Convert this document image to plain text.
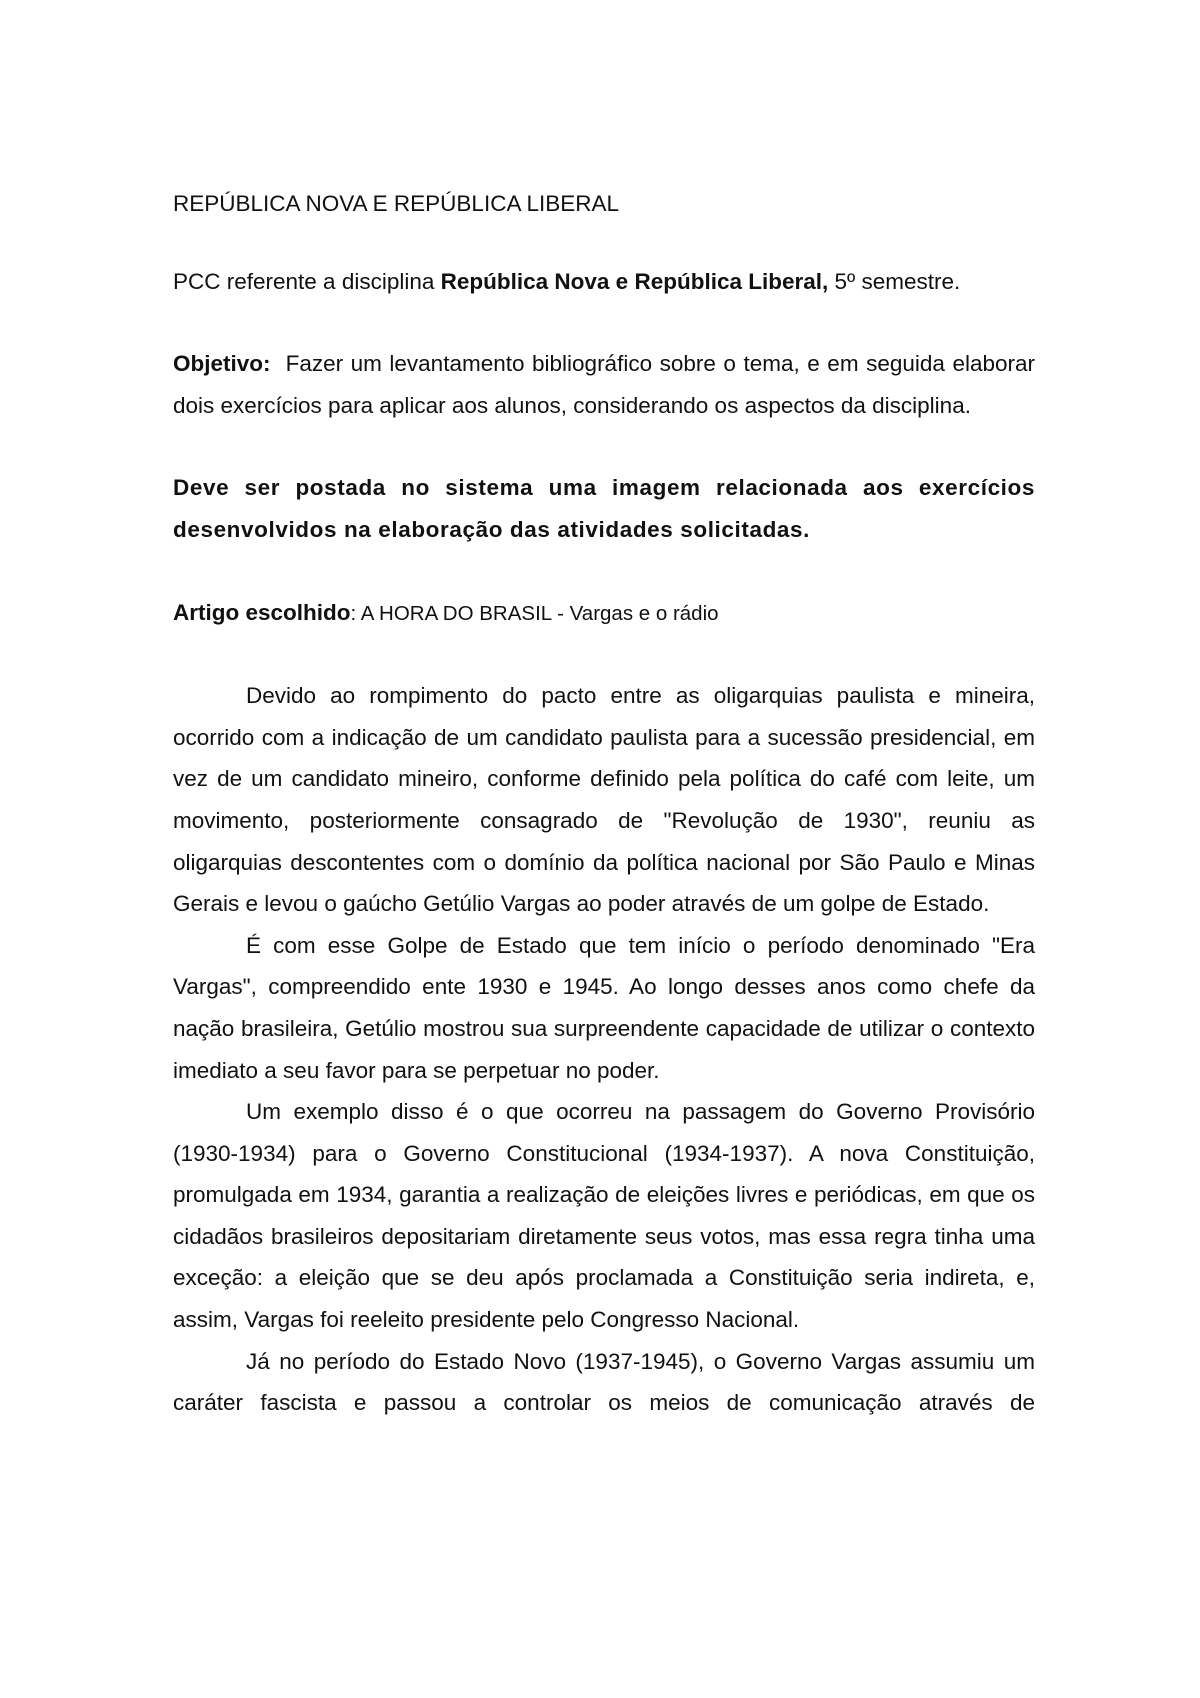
REPÚBLICA NOVA E REPÚBLICA LIBERAL
PCC referente a disciplina República Nova e República Liberal, 5º semestre.
Objetivo:  Fazer um levantamento bibliográfico sobre o tema, e em seguida elaborar dois exercícios para aplicar aos alunos, considerando os aspectos da disciplina.
Deve ser postada no sistema uma imagem relacionada aos exercícios desenvolvidos na elaboração das atividades solicitadas.
Artigo escolhido: A HORA DO BRASIL - Vargas e o rádio

Devido ao rompimento do pacto entre as oligarquias paulista e mineira, ocorrido com a indicação de um candidato paulista para a sucessão presidencial, em vez de um candidato mineiro, conforme definido pela política do café com leite, um movimento, posteriormente consagrado de "Revolução de 1930", reuniu as oligarquias descontentes com o domínio da política nacional por São Paulo e Minas Gerais e levou o gaúcho Getúlio Vargas ao poder através de um golpe de Estado.

É com esse Golpe de Estado que tem início o período denominado "Era Vargas", compreendido ente 1930 e 1945. Ao longo desses anos como chefe da nação brasileira, Getúlio mostrou sua surpreendente capacidade de utilizar o contexto imediato a seu favor para se perpetuar no poder.

Um exemplo disso é o que ocorreu na passagem do Governo Provisório (1930-1934) para o Governo Constitucional (1934-1937). A nova Constituição, promulgada em 1934, garantia a realização de eleições livres e periódicas, em que os cidadãos brasileiros depositariam diretamente seus votos, mas essa regra tinha uma exceção: a eleição que se deu após proclamada a Constituição seria indireta, e, assim, Vargas foi reeleito presidente pelo Congresso Nacional.

Já no período do Estado Novo (1937-1945), o Governo Vargas assumiu um caráter fascista e passou a controlar os meios de comunicação através de
